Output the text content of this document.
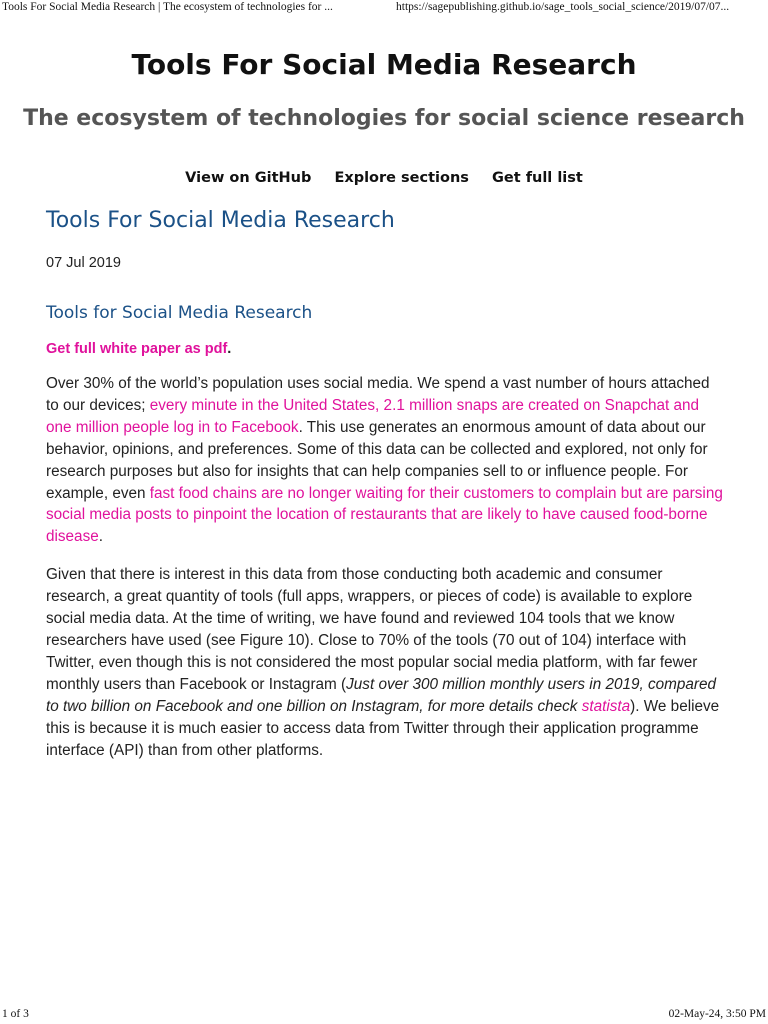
Tools For Social Media Research | The ecosystem of technologies for ...	https://sagepublishing.github.io/sage_tools_social_science/2019/07/07...
Tools For Social Media Research
The ecosystem of technologies for social science research
View on GitHub Explore sections Get full list
Tools For Social Media Research

07 Jul 2019

Tools for Social Media Research

Get full white paper as pdf.

Over 30% of the world’s population uses social media. We spend a vast number of hours attached to our devices; every minute in the United States, 2.1 million snaps are created on Snapchat and one million people log in to Facebook. This use generates an enormous amount of data about our behavior, opinions, and preferences. Some of this data can be collected and explored, not only for research purposes but also for insights that can help companies sell to or influence people. For example, even fast food chains are no longer waiting for their customers to complain but are parsing social media posts to pinpoint the location of restaurants that are likely to have caused food-borne disease.

Given that there is interest in this data from those conducting both academic and consumer research, a great quantity of tools (full apps, wrappers, or pieces of code) is available to explore social media data. At the time of writing, we have found and reviewed 104 tools that we know researchers have used (see Figure 10). Close to 70% of the tools (70 out of 104) interface with Twitter, even though this is not considered the most popular social media platform, with far fewer monthly users than Facebook or Instagram (Just over 300 million monthly users in 2019, compared to two billion on Facebook and one billion on Instagram, for more details check statista). We believe this is because it is much easier to access data from Twitter through their application programme interface (API) than from other platforms.

1 of 3	02-May-24, 3:50 PM
